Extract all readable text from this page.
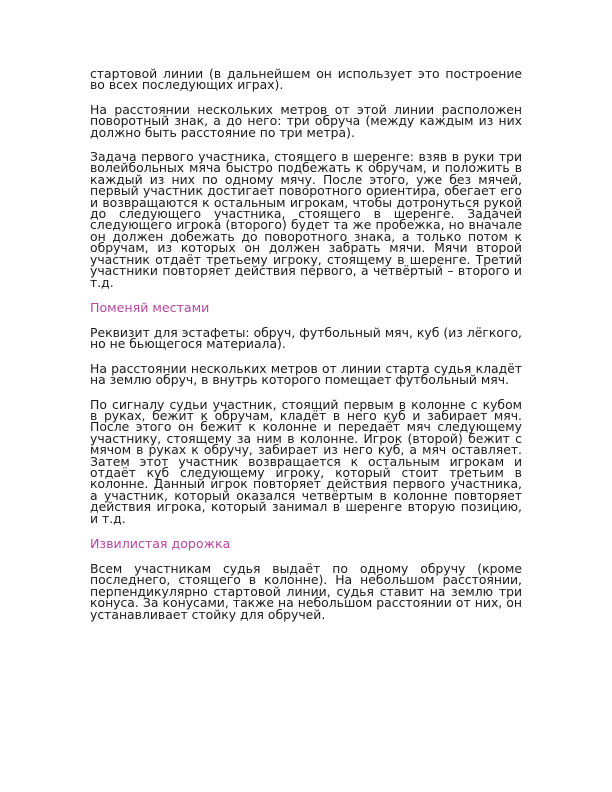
стартовой линии (в дальнейшем он использует это построение во всех последующих играх).

На расстоянии нескольких метров от этой линии расположен поворотный знак, а до него: три обруча (между каждым из них должно быть расстояние по три метра).

Задача первого участника, стоящего в шеренге: взяв в руки три волейбольных мяча быстро подбежать к обручам, и положить в каждый из них по одному мячу. После этого, уже без мячей, первый участник достигает поворотного ориентира, обегает его и возвращаются к остальным игрокам, чтобы дотронуться рукой до следующего участника, стоящего в шеренге. Задачей следующего игрока (второго) будет та же пробежка, но вначале он должен добежать до поворотного знака, а только потом к обручам, из которых он должен забрать мячи. Мячи второй участник отдаёт третьему игроку, стоящему в шеренге. Третий участники повторяет действия первого, а четвёртый – второго и т.д.

Поменяй местами

Реквизит для эстафеты: обруч, футбольный мяч, куб (из лёгкого, но не бьющегося материала).

На расстоянии нескольких метров от линии старта судья кладёт на землю обруч, в внутрь которого помещает футбольный мяч.

По сигналу судьи участник, стоящий первым в колонне с кубом в руках, бежит к обручам, кладёт в него куб и забирает мяч. После этого он бежит к колонне и передаёт мяч следующему участнику, стоящему за ним в колонне. Игрок (второй) бежит с мячом в руках к обручу, забирает из него куб, а мяч оставляет. Затем этот участник возвращается к остальным игрокам и отдаёт куб следующему игроку, который стоит третьим в колонне. Данный игрок повторяет действия первого участника, а участник, который оказался четвёртым в колонне повторяет действия игрока, который занимал в шеренге вторую позицию, и т.д.

Извилистая дорожка

Всем участникам судья выдаёт по одному обручу (кроме последнего, стоящего в колонне). На небольшом расстоянии, перпендикулярно стартовой линии, судья ставит на землю три конуса. За конусами, также на небольшом расстоянии от них, он устанавливает стойку для обручей.
